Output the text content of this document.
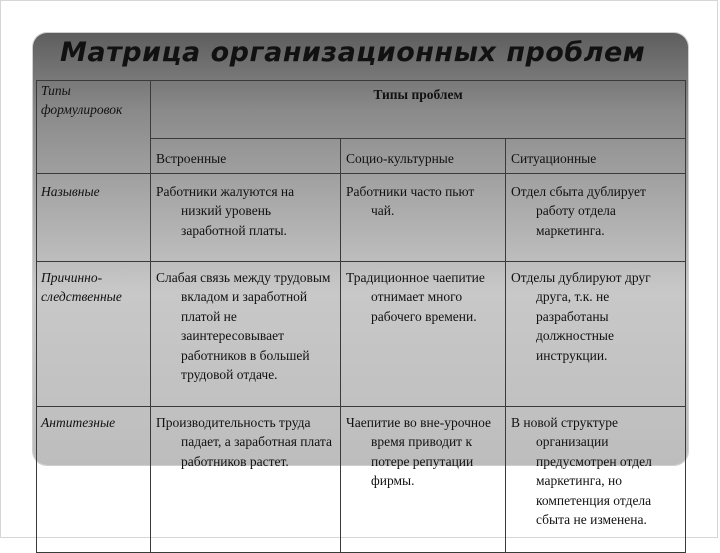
Матрица организационных проблем
Типы формулировок	Типы проблем		
	Встроенные	Социо-культурные	Ситуационные
Назывные	Работники жалуются на низкий уровень заработной платы.	Работники часто пьют чай.	Отдел сбыта дублирует работу отдела маркетинга.

Причинно-следственные	Слабая связь между трудовым вкладом и заработной платой не заинтересовывает работников в большей трудовой отдаче.	Традиционное чаепитие отнимает много рабочего времени.	Отделы дублируют друг друга, т.к. не разработаны должностные инструкции.

Антитезные	Производительность труда падает, а заработная плата работников растет.	Чаепитие во вне-урочное время приводит к потере репутации фирмы.	В новой структуре организации предусмотрен отдел маркетинга, но компетенция отдела сбыта не изменена.
